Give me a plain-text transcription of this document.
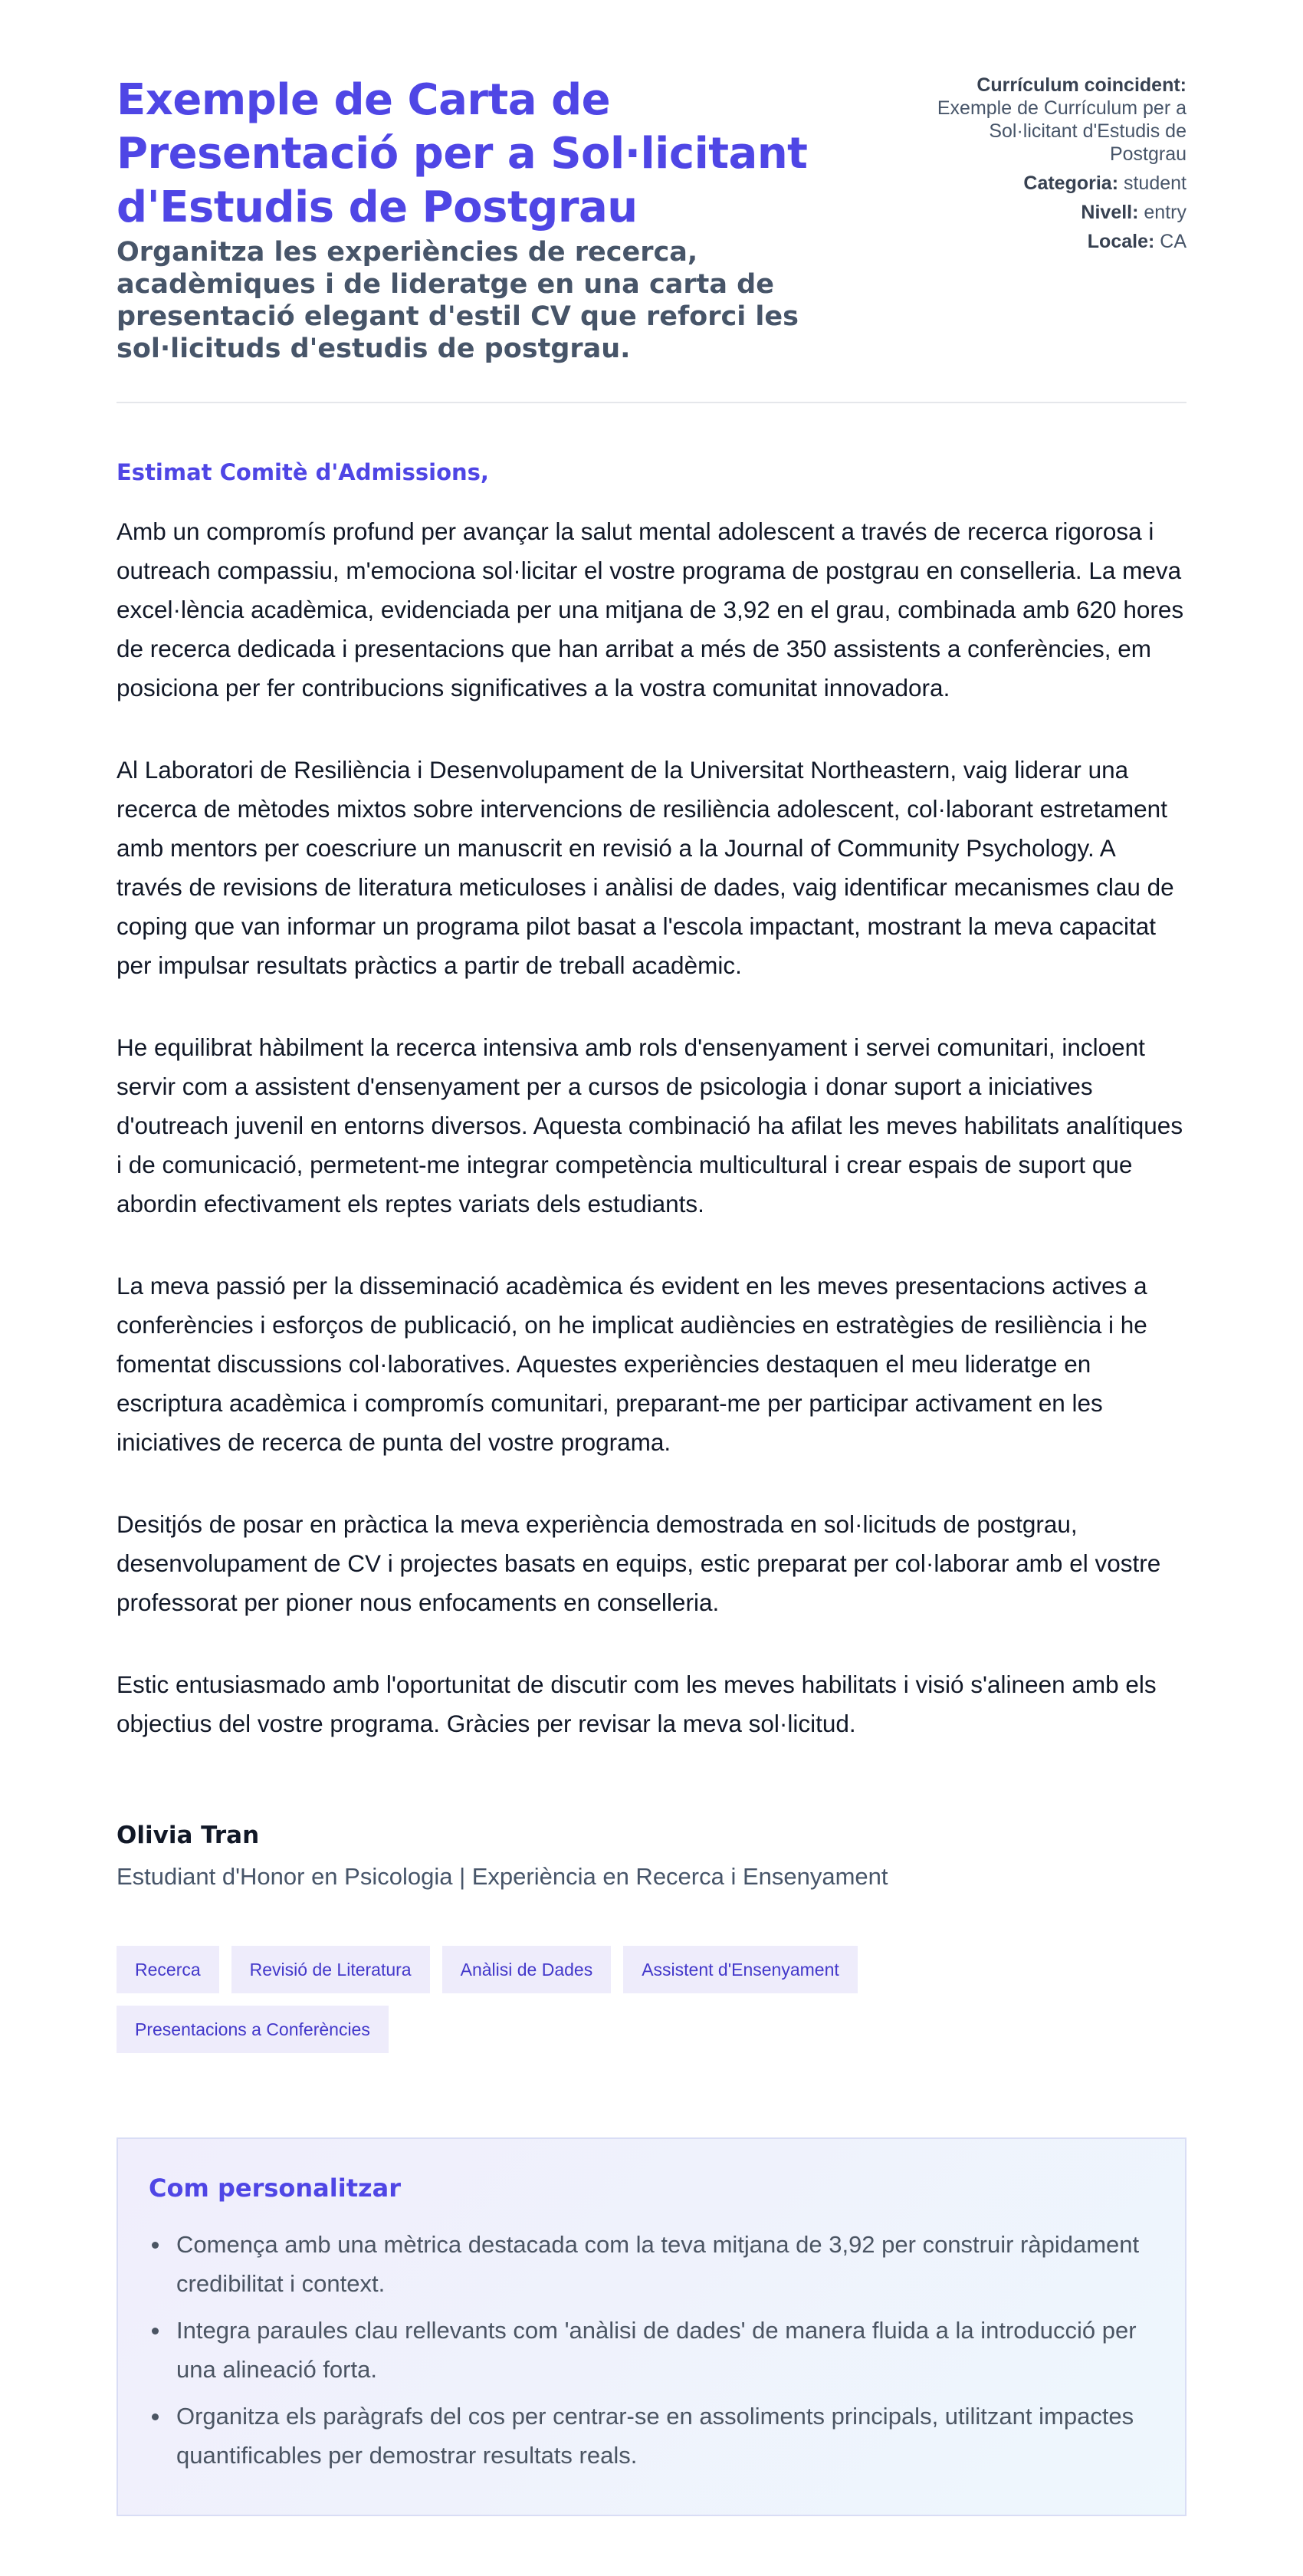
Exemple de Carta de Presentació per a Sol·licitant d'Estudis de Postgrau

Organitza les experiències de recerca, acadèmiques i de lideratge en una carta de presentació elegant d'estil CV que reforci les sol·licituds d'estudis de postgrau.

Currículum coincident:
Exemple de Currículum per a Sol·licitant d'Estudis de Postgrau
Categoria: student
Nivell: entry
Locale: CA

Estimat Comitè d'Admissions,

Amb un compromís profund per avançar la salut mental adolescent a través de recerca rigorosa i outreach compassiu, m'emociona sol·licitar el vostre programa de postgrau en conselleria. La meva excel·lència acadèmica, evidenciada per una mitjana de 3,92 en el grau, combinada amb 620 hores de recerca dedicada i presentacions que han arribat a més de 350 assistents a conferències, em posiciona per fer contribucions significatives a la vostra comunitat innovadora.

Al Laboratori de Resiliència i Desenvolupament de la Universitat Northeastern, vaig liderar una recerca de mètodes mixtos sobre intervencions de resiliència adolescent, col·laborant estretament amb mentors per coescriure un manuscrit en revisió a la Journal of Community Psychology. A través de revisions de literatura meticuloses i anàlisi de dades, vaig identificar mecanismes clau de coping que van informar un programa pilot basat a l'escola impactant, mostrant la meva capacitat per impulsar resultats pràctics a partir de treball acadèmic.

He equilibrat hàbilment la recerca intensiva amb rols d'ensenyament i servei comunitari, incloent servir com a assistent d'ensenyament per a cursos de psicologia i donar suport a iniciatives d'outreach juvenil en entorns diversos. Aquesta combinació ha afilat les meves habilitats analítiques i de comunicació, permetent-me integrar competència multicultural i crear espais de suport que abordin efectivament els reptes variats dels estudiants.

La meva passió per la disseminació acadèmica és evident en les meves presentacions actives a conferències i esforços de publicació, on he implicat audiències en estratègies de resiliència i he fomentat discussions col·laboratives. Aquestes experiències destaquen el meu lideratge en escriptura acadèmica i compromís comunitari, preparant-me per participar activament en les iniciatives de recerca de punta del vostre programa.

Desitjós de posar en pràctica la meva experiència demostrada en sol·licituds de postgrau, desenvolupament de CV i projectes basats en equips, estic preparat per col·laborar amb el vostre professorat per pioner nous enfocaments en conselleria.

Estic entusiasmado amb l'oportunitat de discutir com les meves habilitats i visió s'alineen amb els objectius del vostre programa. Gràcies per revisar la meva sol·licitud.

Olivia Tran

Estudiant d'Honor en Psicologia | Experiència en Recerca i Ensenyament

Recerca	Revisió de Literatura	Anàlisi de Dades	Assistent d'Ensenyament
Presentacions a Conferències
Com personalitzar
Comença amb una mètrica destacada com la teva mitjana de 3,92 per construir ràpidament credibilitat i context.
Integra paraules clau rellevants com 'anàlisi de dades' de manera fluida a la introducció per una alineació forta.
Organitza els paràgrafs del cos per centrar-se en assoliments principals, utilitzant impactes quantificables per demostrar resultats reals.
